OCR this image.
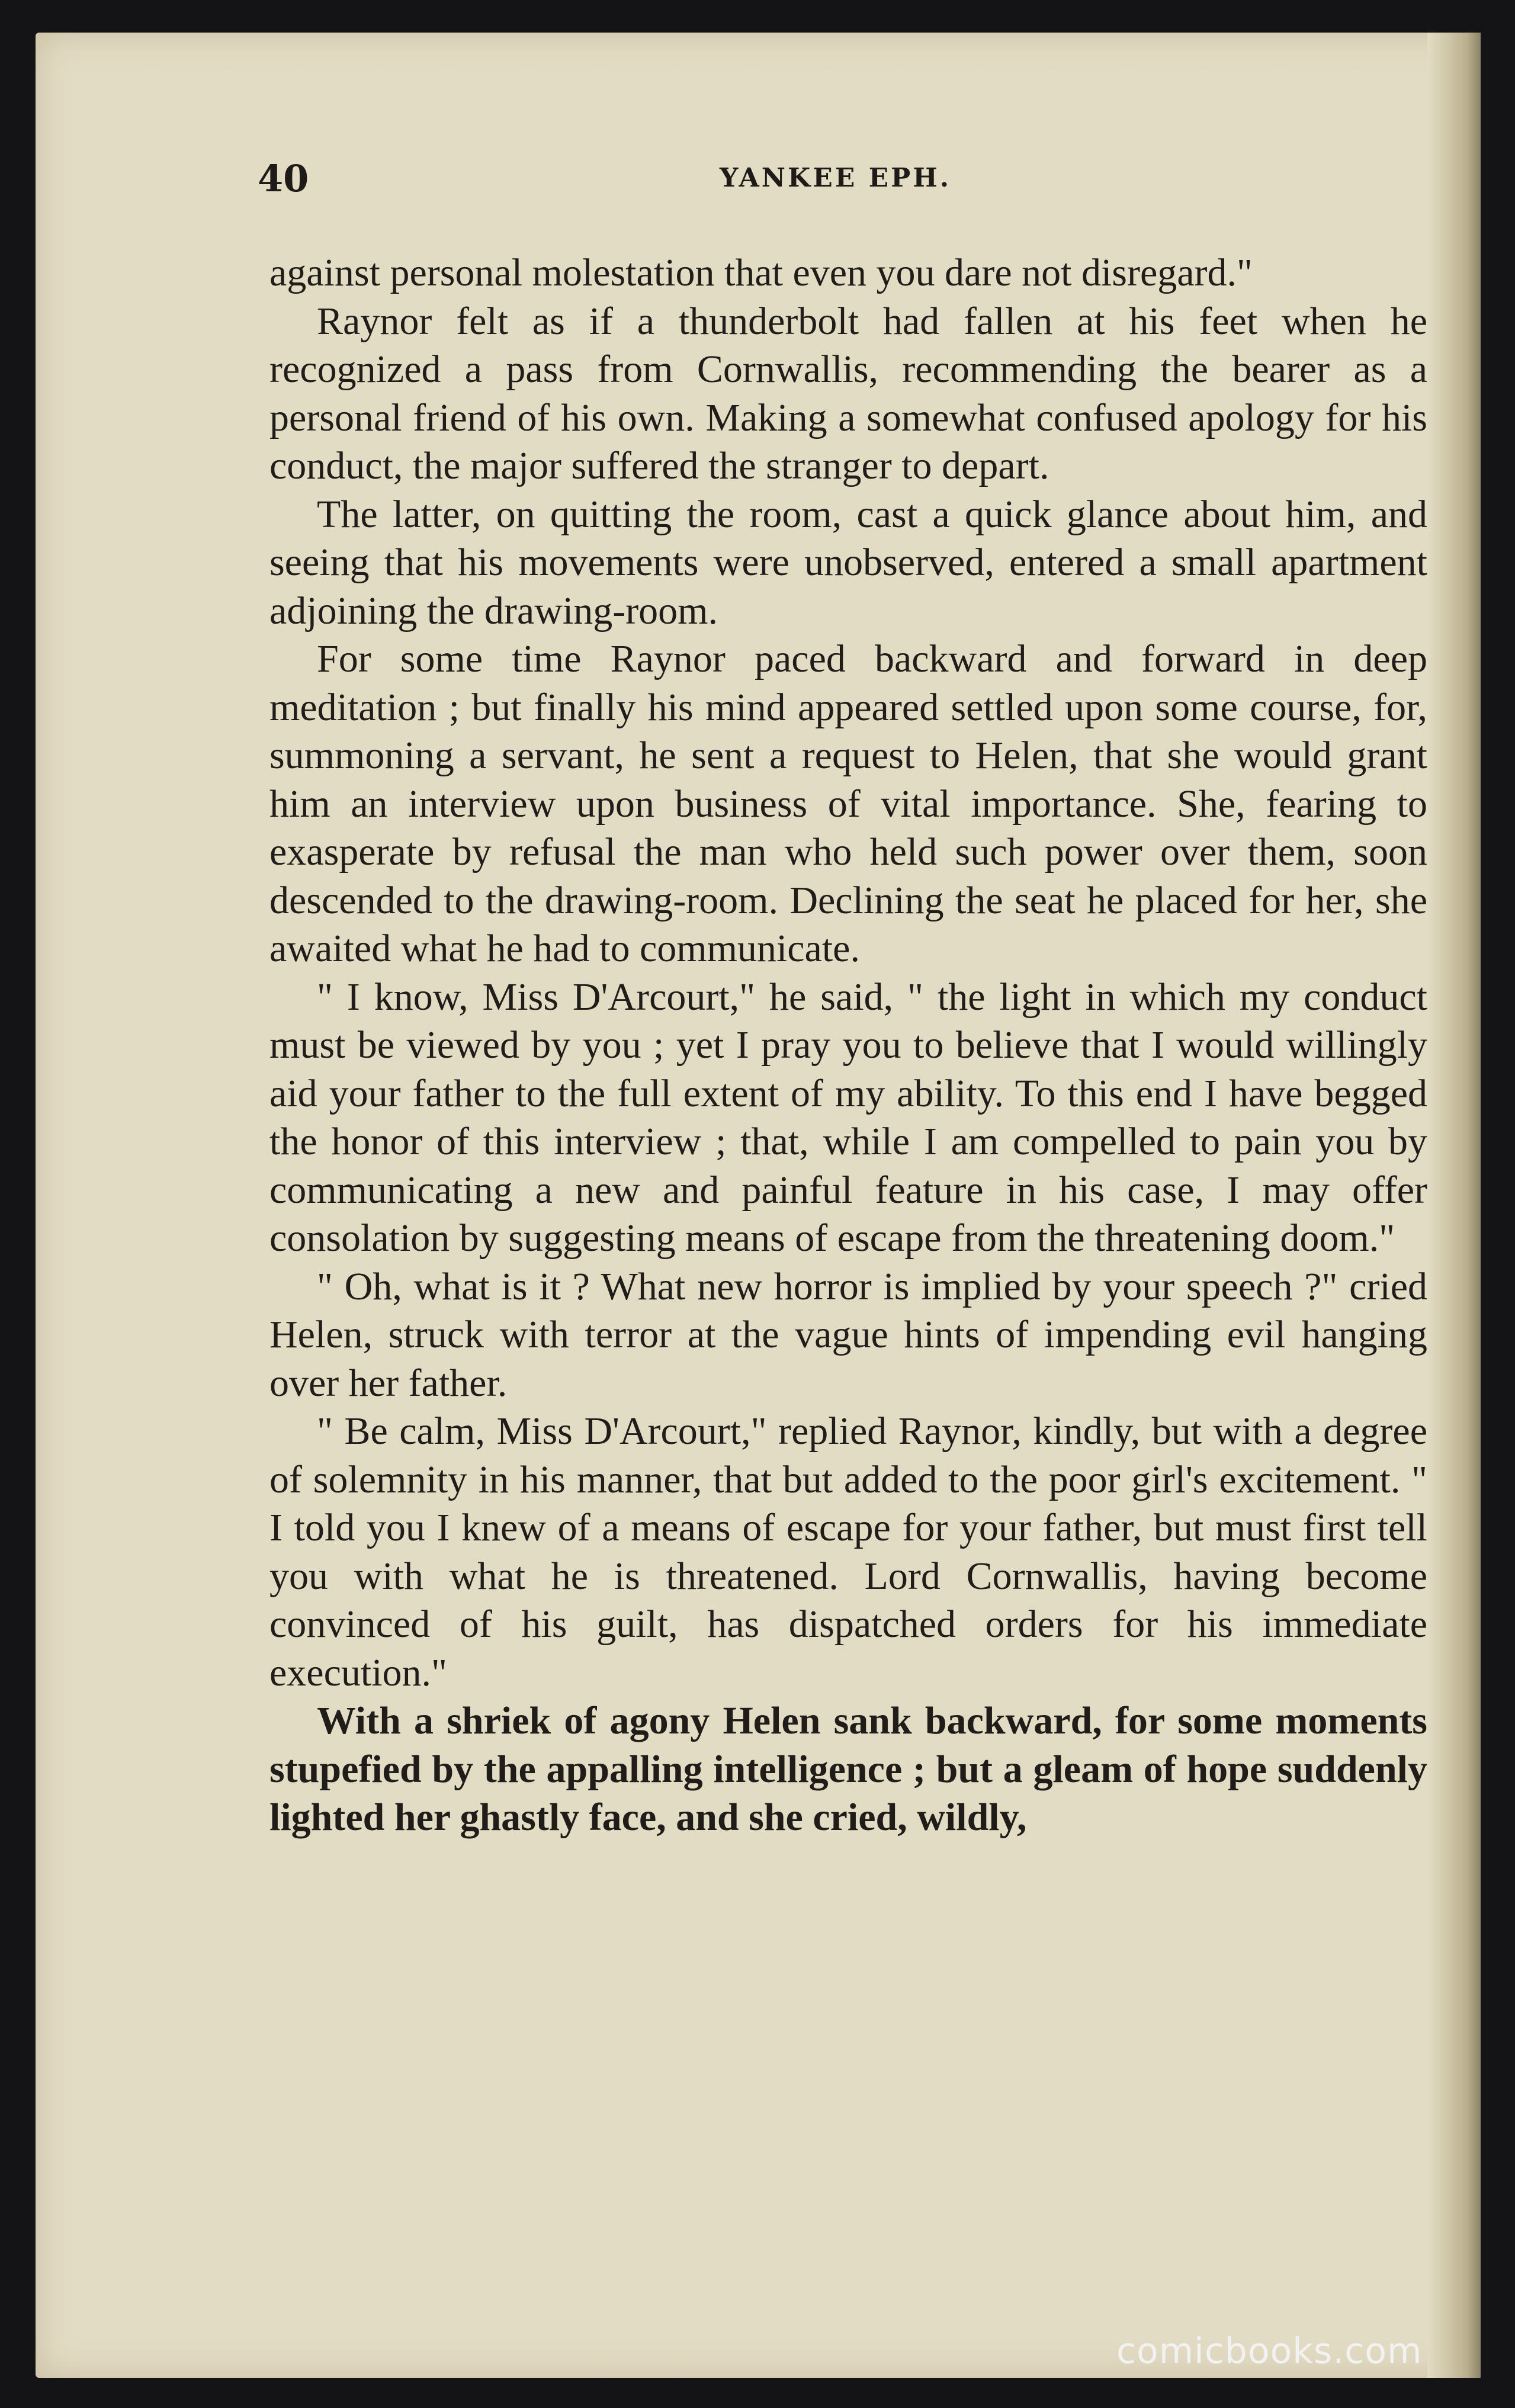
40	YANKEE EPH.

against personal molestation that even you dare not disregard."

Raynor felt as if a thunderbolt had fallen at his feet when he recognized a pass from Cornwallis, recommending the bearer as a personal friend of his own. Making a somewhat confused apology for his conduct, the major suffered the stranger to depart.

The latter, on quitting the room, cast a quick glance about him, and seeing that his movements were unobserved, entered a small apartment adjoining the drawing-room.

For some time Raynor paced backward and forward in deep meditation ; but finally his mind appeared settled upon some course, for, summoning a servant, he sent a request to Helen, that she would grant him an interview upon business of vital importance. She, fearing to exasperate by refusal the man who held such power over them, soon descended to the drawing-room. Declining the seat he placed for her, she awaited what he had to communicate.

" I know, Miss D'Arcourt," he said, " the light in which my conduct must be viewed by you ; yet I pray you to believe that I would willingly aid your father to the full extent of my ability. To this end I have begged the honor of this interview ; that, while I am compelled to pain you by communicating a new and painful feature in his case, I may offer consolation by suggesting means of escape from the threatening doom."

" Oh, what is it ? What new horror is implied by your speech ?" cried Helen, struck with terror at the vague hints of impending evil hanging over her father.

" Be calm, Miss D'Arcourt," replied Raynor, kindly, but with a degree of solemnity in his manner, that but added to the poor girl's excitement. " I told you I knew of a means of escape for your father, but must first tell you with what he is threatened. Lord Cornwallis, having become convinced of his guilt, has dispatched orders for his immediate execution."

With a shriek of agony Helen sank backward, for some moments stupefied by the appalling intelligence ; but a gleam of hope suddenly lighted her ghastly face, and she cried, wildly,

comicbooks.com
